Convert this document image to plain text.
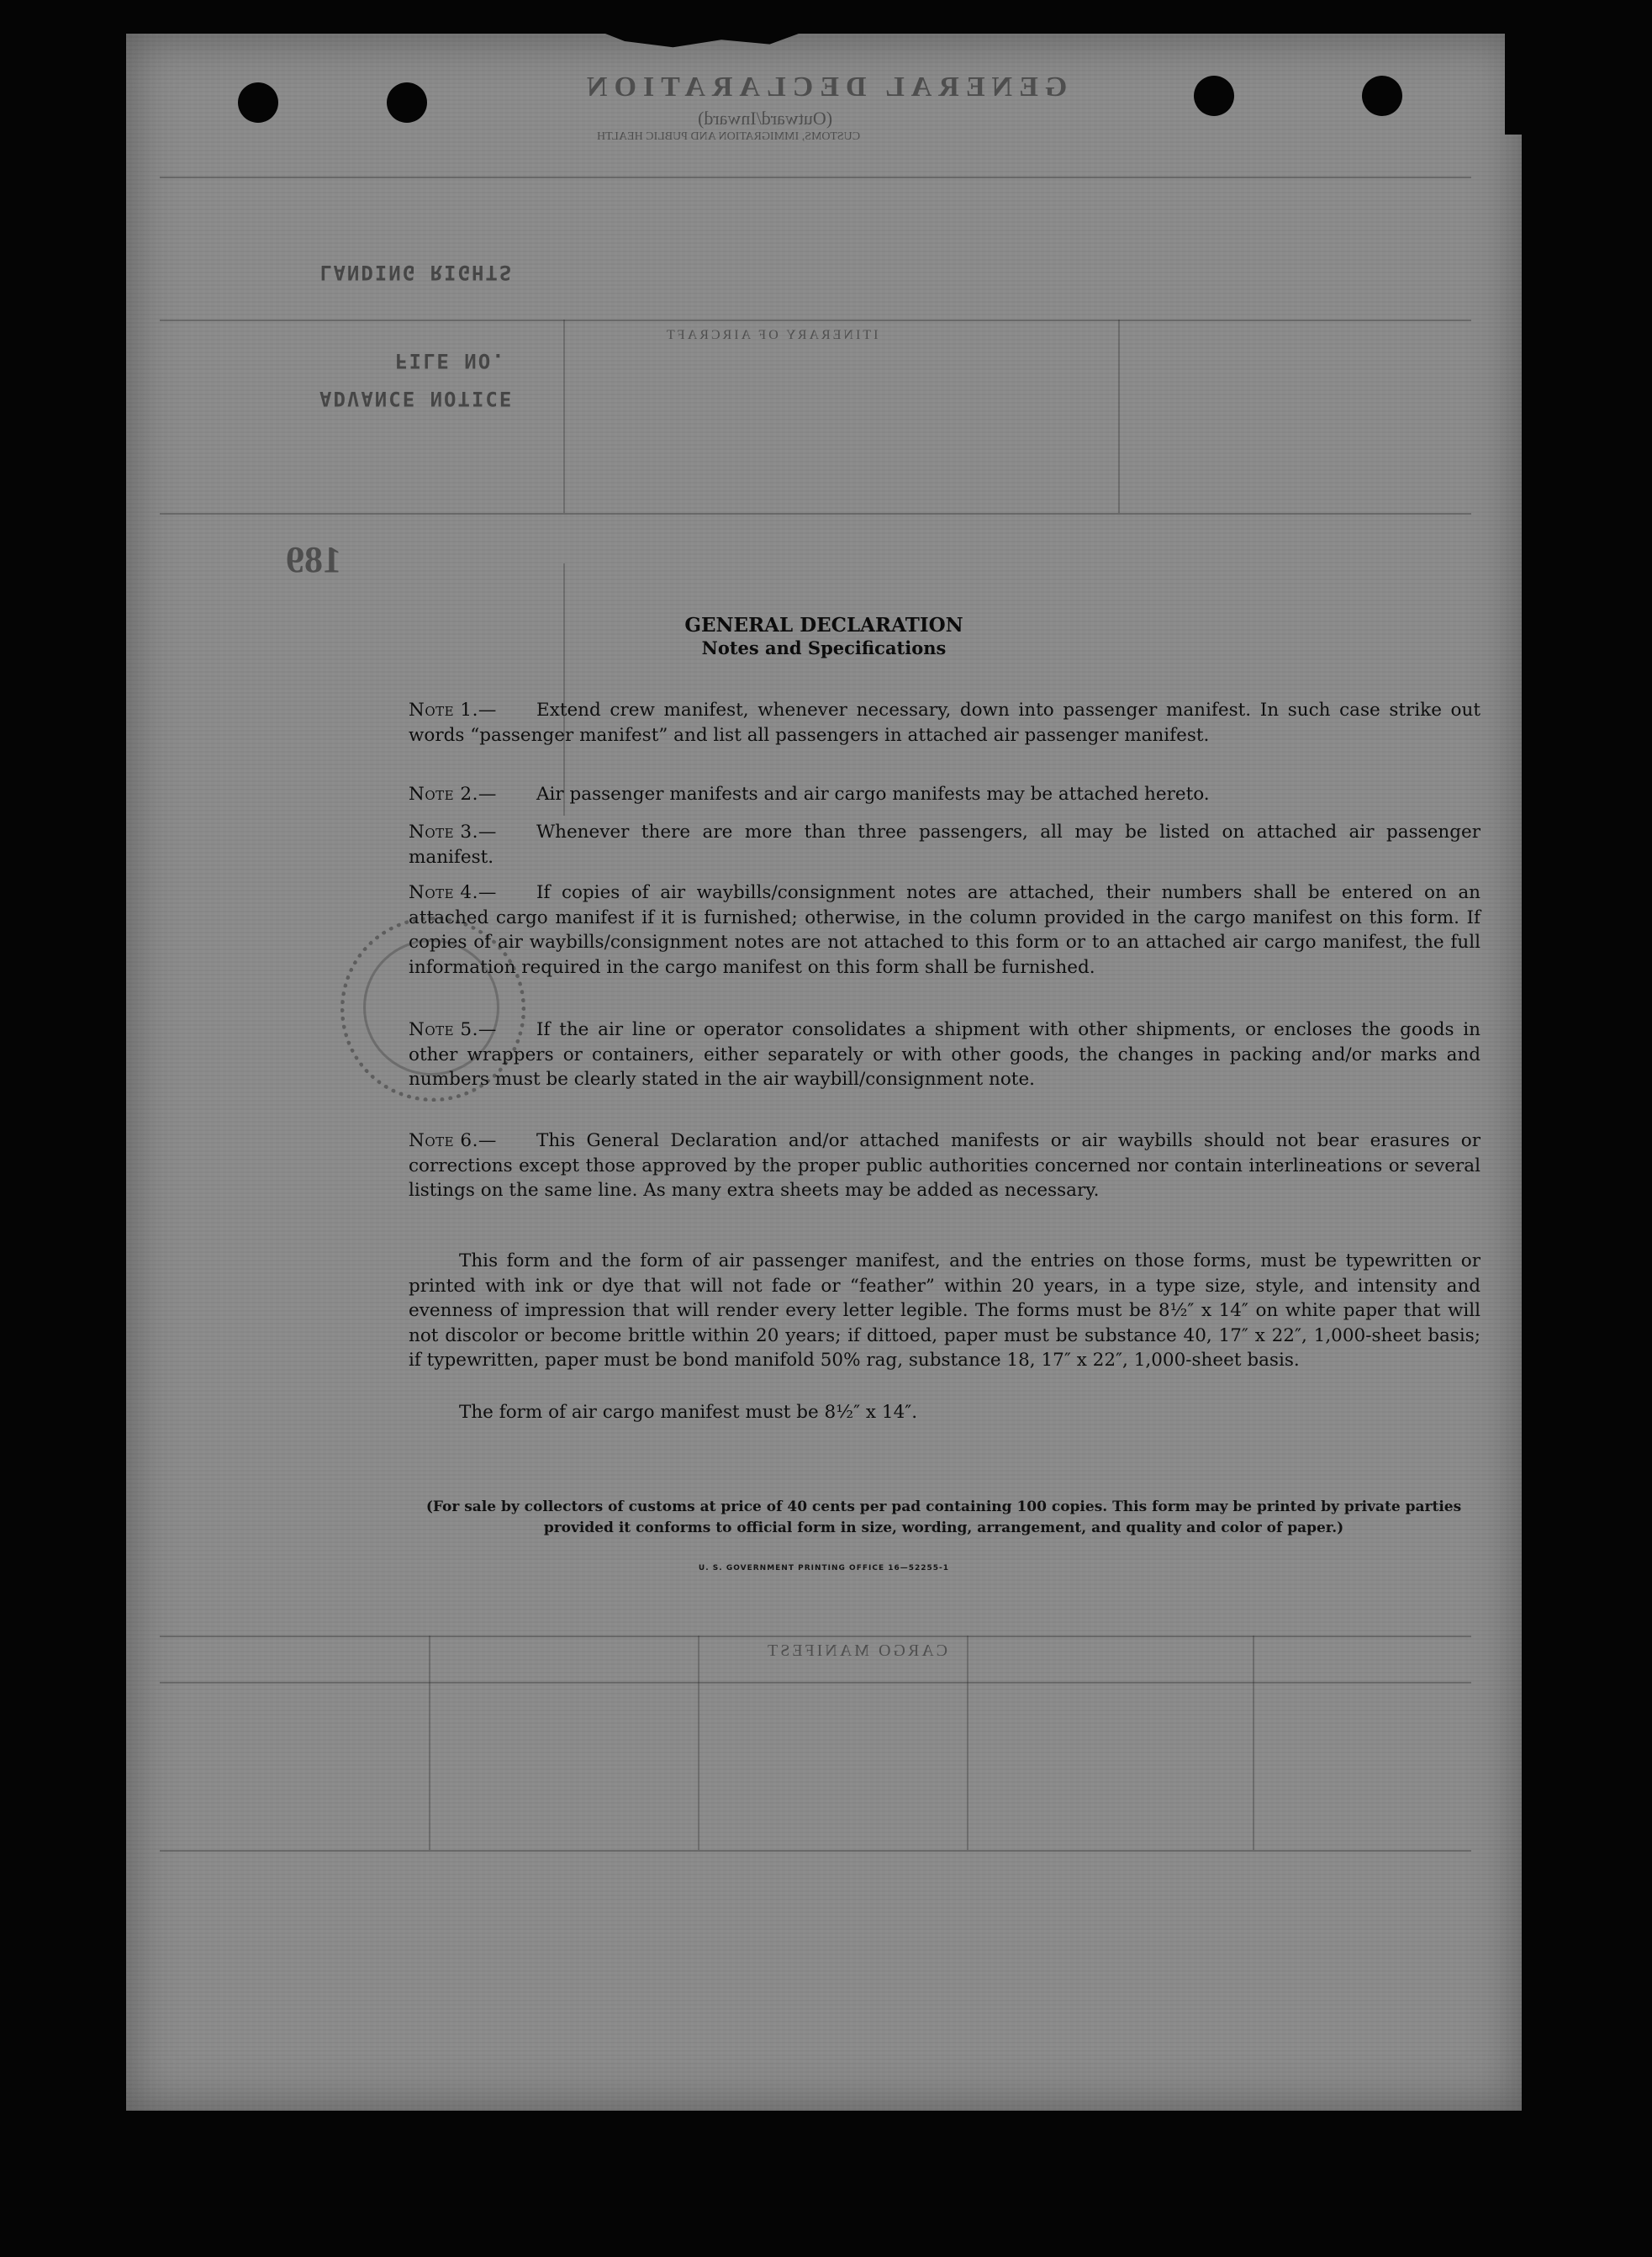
GENERAL DECLARATION
(Outward/Inward)
CUSTOMS, IMMIGRATION AND PUBLIC HEALTH
ITINERARY OF AIRCRAFT
CARGO MANIFEST
189
LANDING RIGHTS
FILE NO.
ADVANCE NOTICE
GENERAL DECLARATION
Notes and Specifications
Note 1.—	Extend crew manifest, whenever necessary, down into passenger manifest. In such case strike out words “passenger manifest” and list all passengers in attached air passenger manifest.
Note 2.—	Air passenger manifests and air cargo manifests may be attached hereto.
Note 3.—	Whenever there are more than three passengers, all may be listed on attached air passenger manifest.
Note 4.—	If copies of air waybills/consignment notes are attached, their numbers shall be entered on an attached cargo manifest if it is furnished; otherwise, in the column provided in the cargo manifest on this form. If copies of air waybills/consignment notes are not attached to this form or to an attached air cargo manifest, the full information required in the cargo manifest on this form shall be furnished.
Note 5.—	If the air line or operator consolidates a shipment with other shipments, or encloses the goods in other wrappers or containers, either separately or with other goods, the changes in packing and/or marks and numbers must be clearly stated in the air waybill/consignment note.
Note 6.—	This General Declaration and/or attached manifests or air waybills should not bear erasures or corrections except those approved by the proper public authorities concerned nor contain interlineations or several listings on the same line. As many extra sheets may be added as necessary.
This form and the form of air passenger manifest, and the entries on those forms, must be typewritten or printed with ink or dye that will not fade or “feather” within 20 years, in a type size, style, and intensity and evenness of impression that will render every letter legible. The forms must be 8½″ x 14″ on white paper that will not discolor or become brittle within 20 years; if dittoed, paper must be substance 40, 17″ x 22″, 1,000-sheet basis; if typewritten, paper must be bond manifold 50% rag, substance 18, 17″ x 22″, 1,000-sheet basis.
The form of air cargo manifest must be 8½″ x 14″.
(For sale by collectors of customs at price of 40 cents per pad containing 100 copies. This form may be printed by private parties provided it conforms to official form in size, wording, arrangement, and quality and color of paper.)
U. S. GOVERNMENT PRINTING OFFICE 16—52255-1
